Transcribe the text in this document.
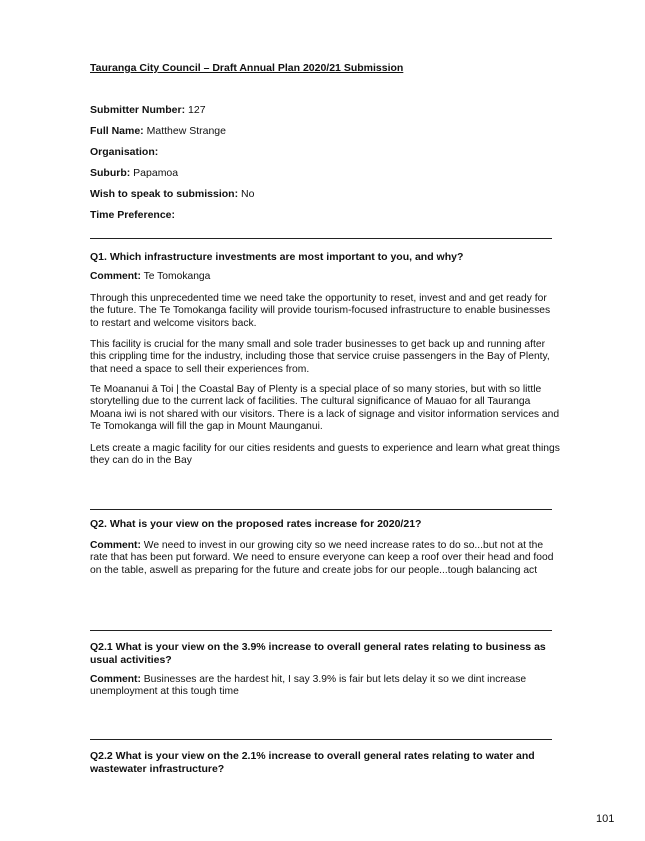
Tauranga City Council – Draft Annual Plan 2020/21 Submission
Submitter Number: 127
Full Name: Matthew Strange
Organisation:
Suburb: Papamoa
Wish to speak to submission: No
Time Preference:
Q1. Which infrastructure investments are most important to you, and why?
Comment: Te Tomokanga
Through this unprecedented time we need take the opportunity to reset, invest and and get ready for the future. The Te Tomokanga facility will provide tourism-focused infrastructure to enable businesses to restart and welcome visitors back.
This facility is crucial for the many small and sole trader businesses to get back up and running after this crippling time for the industry, including those that service cruise passengers in the Bay of Plenty, that need a space to sell their experiences from.
Te Moananui ā Toi | the Coastal Bay of Plenty is a special place of so many stories, but with so little storytelling due to the current lack of facilities. The cultural significance of Mauao for all Tauranga Moana iwi is not shared with our visitors. There is a lack of signage and visitor information services and Te Tomokanga will fill the gap in Mount Maunganui.
Lets create a magic facility for our cities residents and guests to experience and learn what great things they can do in the Bay
Q2. What is your view on the proposed rates increase for 2020/21?
Comment: We need to invest in our growing city so we need increase rates to do so...but not at the rate that has been put forward. We need to ensure everyone can keep a roof over their head and food on the table, aswell as preparing for the future and create jobs for our people...tough balancing act
Q2.1 What is your view on the 3.9% increase to overall general rates relating to business as usual activities?
Comment: Businesses are the hardest hit, I say 3.9% is fair but lets delay it so we dint increase unemployment at this tough time
Q2.2 What is your view on the 2.1% increase to overall general rates relating to water and wastewater infrastructure?
101
